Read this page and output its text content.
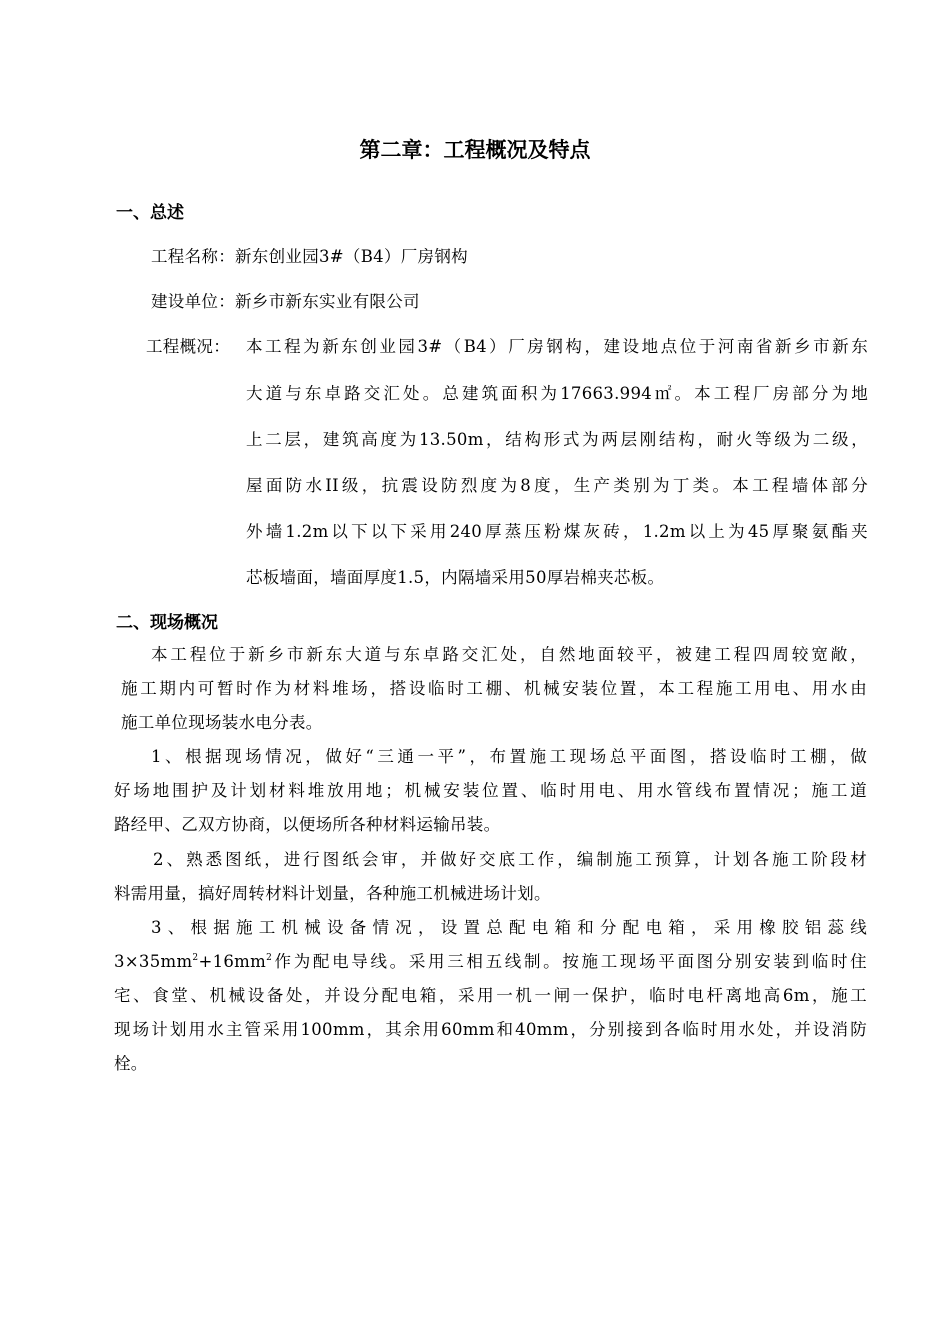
第二章：工程概况及特点
一、总述
工程名称：新东创业园3#（B4）厂房钢构
建设单位：新乡市新东实业有限公司
工程概况： 本工程为新东创业园3#（B4）厂房钢构，建设地点位于河南省新乡市新东
大道与东卓路交汇处。总建筑面积为17663.994㎡。本工程厂房部分为地
上二层，建筑高度为13.50m，结构形式为两层刚结构，耐火等级为二级，
屋面防水II级，抗震设防烈度为8度，生产类别为丁类。本工程墙体部分
外墙1.2m以下以下采用240厚蒸压粉煤灰砖，1.2m以上为45厚聚氨酯夹
芯板墙面，墙面厚度1.5，内隔墙采用50厚岩棉夹芯板。
二、现场概况
本工程位于新乡市新东大道与东卓路交汇处，自然地面较平，被建工程四周较宽敞，
施工期内可暂时作为材料堆场，搭设临时工棚、机械安装位置，本工程施工用电、用水由
施工单位现场装水电分表。
1、根据现场情况，做好“三通一平”，布置施工现场总平面图，搭设临时工棚，做
好场地围护及计划材料堆放用地；机械安装位置、临时用电、用水管线布置情况；施工道
路经甲、乙双方协商，以便场所各种材料运输吊装。
2、熟悉图纸，进行图纸会审，并做好交底工作，编制施工预算，计划各施工阶段材
料需用量，搞好周转材料计划量，各种施工机械进场计划。
3、根据施工机械设备情况，设置总配电箱和分配电箱，采用橡胶铝蕊线
$3\times 35mm^2+16mm^2$作为配电导线。采用三相五线制。按施工现场平面图分别安装到临时住
宅、食堂、机械设备处，并设分配电箱，采用一机一闸一保护，临时电杆离地高6m，施工
现场计划用水主管采用100mm，其余用60mm和40mm，分别接到各临时用水处，并设消防
栓。
